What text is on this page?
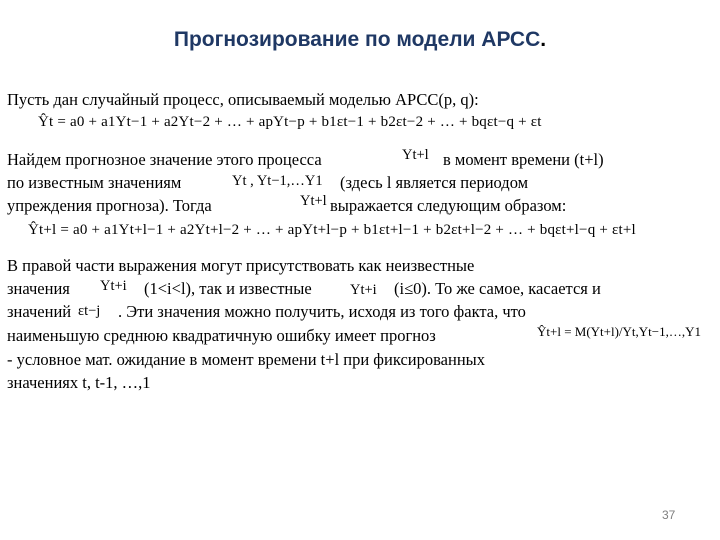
Прогнозирование по модели АРСС.
Пусть дан случайный процесс, описываемый моделью АРСС(p, q):
Ŷt = a0 + a1Yt−1 + a2Yt−2 + … + apYt−p + b1εt−1 + b2εt−2 + … + bqεt−q + εt
Найдем прогнозное значение этого процесса	Yt+l в момент времени (t+l)
по известным значениям	Yt , Yt−1,…Y1 (здесь l является периодом
упреждения прогноза). Тогда	Yt+l выражается следующим образом:
Ŷt+l = a0 + a1Yt+l−1 + a2Yt+l−2 + … + apYt+l−p + b1εt+l−1 + b2εt+l−2 + … + bqεt+l−q + εt+l
В правой части выражения могут присутствовать как неизвестные
значения Yt+i (1<i<l), так и известные	Yt+i (i≤0). То же самое, касается и
значений εt−j . Эти значения можно получить, исходя из того факта, что
наименьшую среднюю квадратичную ошибку имеет прогноз	Ŷt+l = M(Yt+l)/Yt,Yt−1,…,Y1
- условное мат. ожидание в момент времени t+l при фиксированных
значениях t, t-1, …,1
37
